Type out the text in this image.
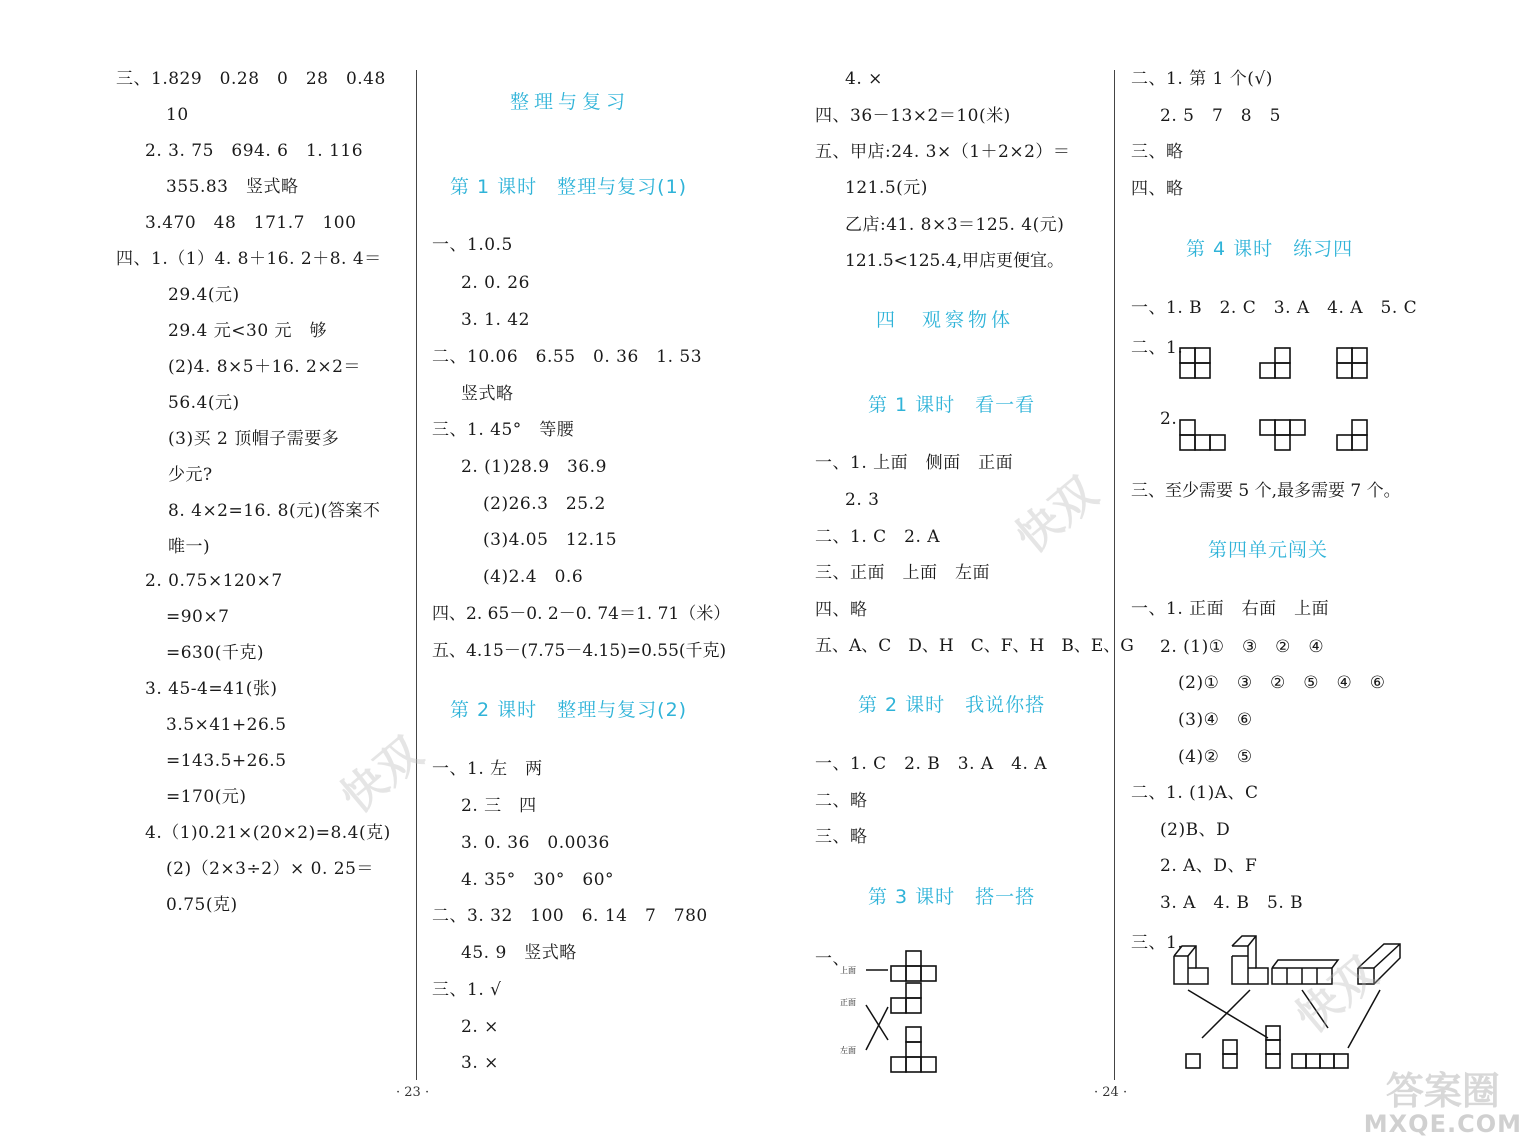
三、1.829　0.28　0　28　0.48
10
2. 3. 75　694. 6　1. 116
355.83　竖式略
3.470　48　171.7　100
四、1.（1）4. 8＋16. 2＋8. 4＝
29.4(元)
29.4 元<30 元　够
(2)4. 8×5＋16. 2×2＝
56.4(元)
(3)买 2 顶帽子需要多
少元?
8. 4×2=16. 8(元)(答案不
唯一)
2. 0.75×120×7
=90×7
=630(千克)
3. 45-4=41(张)
3.5×41+26.5
=143.5+26.5
=170(元)
4.（1)0.21×(20×2)=8.4(克)
(2)（2×3÷2）× 0. 25＝
0.75(克)
整理与复习
第 1 课时　整理与复习(1)
一、1.0.5
2. 0. 26
3. 1. 42
二、10.06　6.55　0. 36　1. 53
竖式略
三、1. 45°　等腰
2. (1)28.9　36.9
(2)26.3　25.2
(3)4.05　12.15
(4)2.4　0.6
四、2. 65－0. 2－0. 74＝1. 71（米）
五、4.15－(7.75－4.15)=0.55(千克)
第 2 课时　整理与复习(2)
一、1. 左　两
2. 三　四
3. 0. 36　0.0036
4. 35°　30°　60°
二、3. 32　100　6. 14　7　780
45. 9　竖式略
三、1. √
2. ×
3. ×
4. ×
四、36－13×2＝10(米)
五、甲店:24. 3×（1＋2×2）＝
121.5(元)
乙店:41. 8×3＝125. 4(元)
121.5<125.4,甲店更便宜。
四　观察物体
第 1 课时　看一看
一、1. 上面　侧面　正面
2. 3
二、1. C　2. A
三、正面　上面　左面
四、略
五、A、C　D、H　C、F、H　B、E、G
第 2 课时　我说你搭
一、1. C　2. B　3. A　4. A
二、略
三、略
第 3 课时　搭一搭
一、
上面
正面
左面
二、1. 第 1 个(√)
2. 5　7　8　5
三、略
四、略
第 4 课时　练习四
一、1. B　2. C　3. A　4. A　5. C
二、1.
2.
三、至少需要 5 个,最多需要 7 个。
第四单元闯关
一、1. 正面　右面　上面
2. (1)①　③　②　④
(2)①　③　②　⑤　④　⑥
(3)④　⑥
(4)②　⑤
二、1. (1)A、C
(2)B、D
2. A、D、F
3. A　4. B　5. B
三、1.
· 23 ·	· 24 ·
快双
快双
快双
答案圈
MXQE.COM
